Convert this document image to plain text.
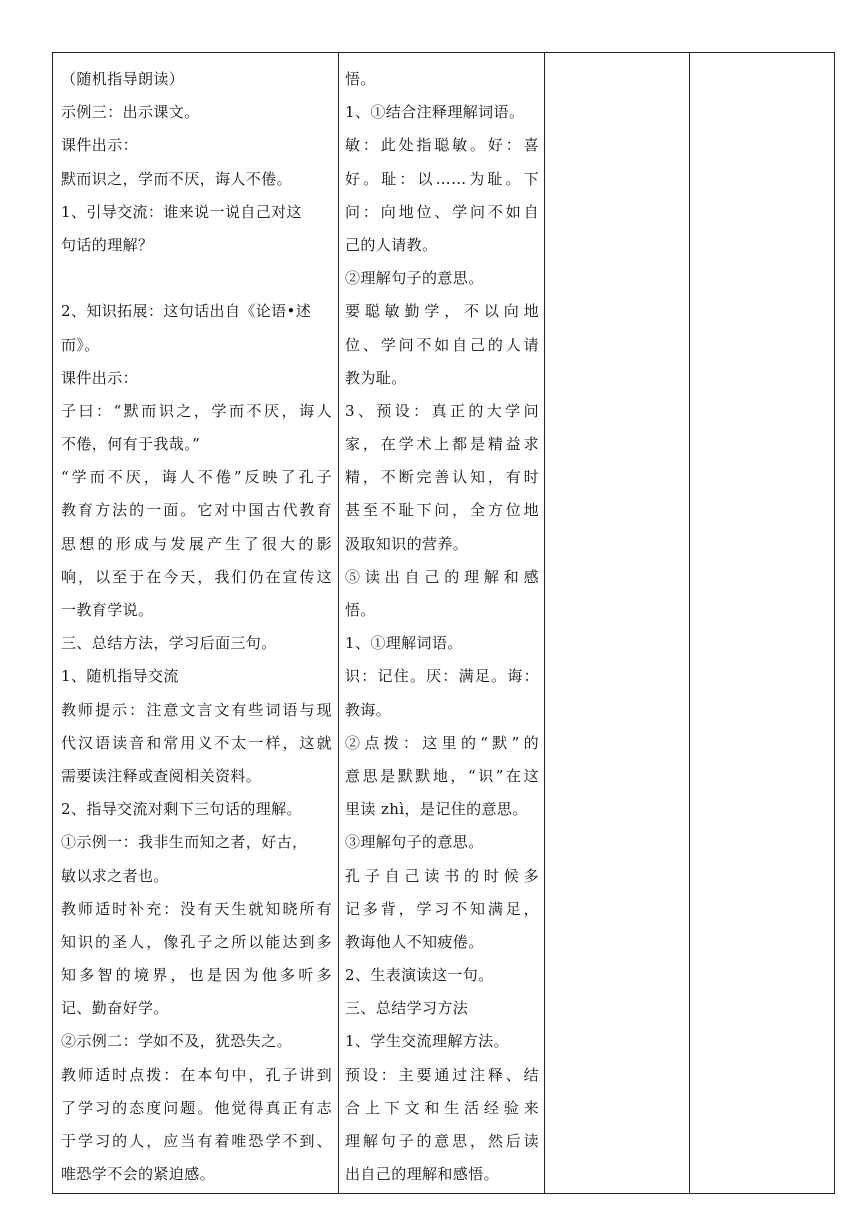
（随机指导朗读）
示例三：出示课文。
课件出示：
默而识之，学而不厌，诲人不倦。
1、引导交流：谁来说一说自己对这
句话的理解？
2、知识拓展：这句话出自《论语•述
而》。
课件出示：
子曰：“默而识之，学而不厌，诲人
不倦，何有于我哉。”
“学而不厌，诲人不倦”反映了孔子
教育方法的一面。它对中国古代教育
思想的形成与发展产生了很大的影
响，以至于在今天，我们仍在宣传这
一教育学说。
三、总结方法，学习后面三句。
1、随机指导交流
教师提示：注意文言文有些词语与现
代汉语读音和常用义不太一样，这就
需要读注释或查阅相关资料。
2、指导交流对剩下三句话的理解。
①示例一：我非生而知之者，好古，
敏以求之者也。
教师适时补充：没有天生就知晓所有
知识的圣人，像孔子之所以能达到多
知多智的境界，也是因为他多听多
记、勤奋好学。
②示例二：学如不及，犹恐失之。
教师适时点拨：在本句中，孔子讲到
了学习的态度问题。他觉得真正有志
于学习的人，应当有着唯恐学不到、
唯恐学不会的紧迫感。

悟。
1、①结合注释理解词语。
敏：此处指聪敏。好：喜
好。耻：以……为耻。下
问：向地位、学问不如自
己的人请教。
②理解句子的意思。
要聪敏勤学，不以向地
位、学问不如自己的人请
教为耻。
3、预设：真正的大学问
家，在学术上都是精益求
精，不断完善认知，有时
甚至不耻下问，全方位地
汲取知识的营养。
⑤读出自己的理解和感
悟。
1、①理解词语。
识：记住。厌：满足。诲：
教诲。
②点拨：这里的“默”的
意思是默默地，“识”在这
里读 zhì，是记住的意思。
③理解句子的意思。
孔子自己读书的时候多
记多背，学习不知满足，
教诲他人不知疲倦。
2、生表演读这一句。
三、总结学习方法
1、学生交流理解方法。
预设：主要通过注释、结
合上下文和生活经验来
理解句子的意思，然后读
出自己的理解和感悟。
